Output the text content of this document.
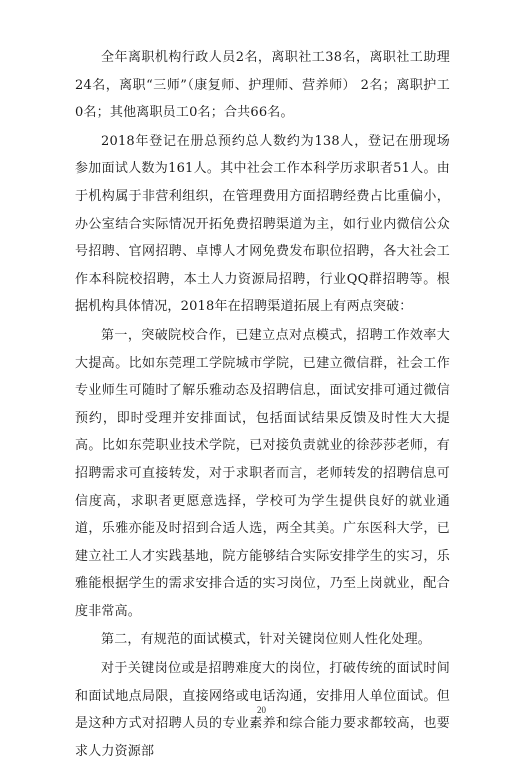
全年离职机构行政人员2名，离职社工38名，离职社工助理24名，离职“三师”（康复师、护理师、营养师） 2名；离职护工0名；其他离职员工0名；合共66名。

2018年登记在册总预约总人数约为138人，登记在册现场参加面试人数为161人。其中社会工作本科学历求职者51人。由于机构属于非营利组织，在管理费用方面招聘经费占比重偏小，办公室结合实际情况开拓免费招聘渠道为主，如行业内微信公众号招聘、官网招聘、卓博人才网免费发布职位招聘，各大社会工作本科院校招聘，本土人力资源局招聘，行业QQ群招聘等。根据机构具体情况，2018年在招聘渠道拓展上有两点突破：

第一，突破院校合作，已建立点对点模式，招聘工作效率大大提高。比如东莞理工学院城市学院，已建立微信群，社会工作专业师生可随时了解乐雅动态及招聘信息，面试安排可通过微信预约，即时受理并安排面试，包括面试结果反馈及时性大大提高。比如东莞职业技术学院，已对接负责就业的徐莎莎老师，有招聘需求可直接转发，对于求职者而言，老师转发的招聘信息可信度高，求职者更愿意选择，学校可为学生提供良好的就业通道，乐雅亦能及时招到合适人选，两全其美。广东医科大学，已建立社工人才实践基地，院方能够结合实际安排学生的实习，乐雅能根据学生的需求安排合适的实习岗位，乃至上岗就业，配合度非常高。

第二，有规范的面试模式，针对关键岗位则人性化处理。

对于关键岗位或是招聘难度大的岗位，打破传统的面试时间和面试地点局限，直接网络或电话沟通，安排用人单位面试。但是这种方式对招聘人员的专业素养和综合能力要求都较高，也要求人力资源部

20
